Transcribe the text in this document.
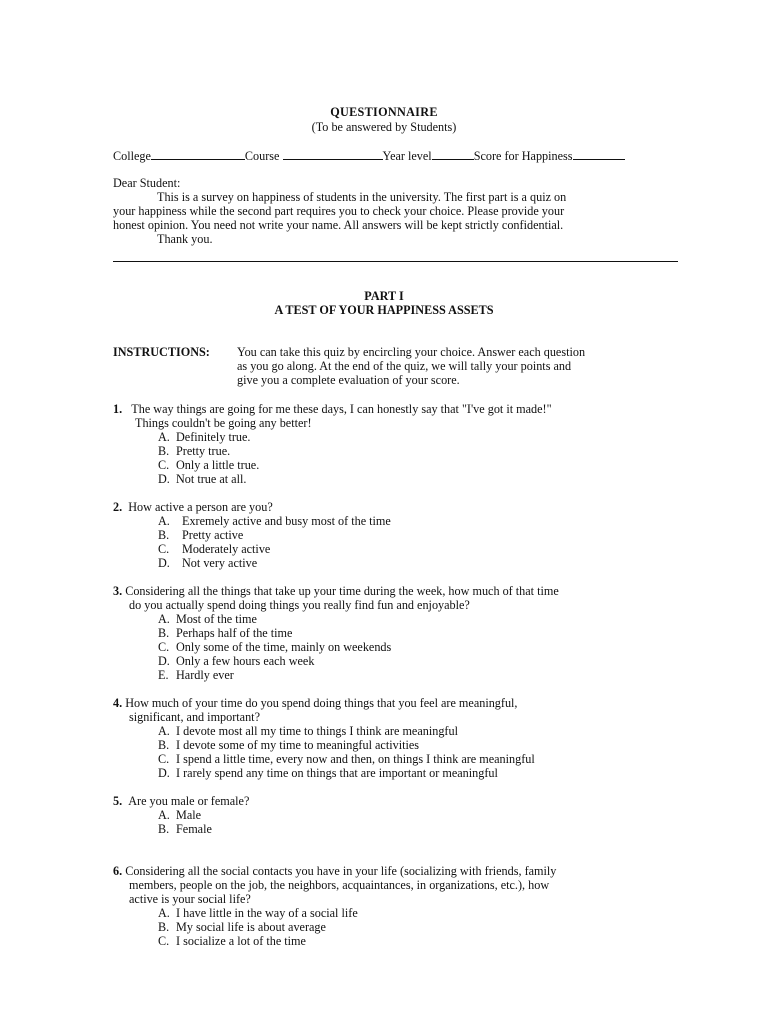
QUESTIONNAIRE
(To be answered by Students)
College	Course	Year level	Score for Happiness

Dear Student:

This is a survey on happiness of students in the university. The first part is a quiz on

your happiness while the second part requires you to check your choice. Please provide your

honest opinion. You need not write your name. All answers will be kept strictly confidential.

Thank you.

PART I
A TEST OF YOUR HAPPINESS ASSETS
INSTRUCTIONS: You can take this quiz by encircling your choice. Answer each question
as you go along. At the end of the quiz, we will tally your points and
give you a complete evaluation of your score.

1. The way things are going for me these days, I can honestly say that "I've got it made!"

Things couldn't be going any better!

A. Definitely true.
B. Pretty true.
C. Only a little true.
D. Not true at all.

2. How active a person are you?

A. Exremely active and busy most of the time
B. Pretty active
C. Moderately active
D. Not very active

3. Considering all the things that take up your time during the week, how much of that time

do you actually spend doing things you really find fun and enjoyable?

A. Most of the time
B. Perhaps half of the time
C. Only some of the time, mainly on weekends
D. Only a few hours each week
E. Hardly ever

4. How much of your time do you spend doing things that you feel are meaningful,

significant, and important?

A. I devote most all my time to things I think are meaningful
B. I devote some of my time to meaningful activities
C. I spend a little time, every now and then, on things I think are meaningful
D. I rarely spend any time on things that are important or meaningful

5. Are you male or female?

A. Male
B. Female

6. Considering all the social contacts you have in your life (socializing with friends, family

members, people on the job, the neighbors, acquaintances, in organizations, etc.), how

active is your social life?

A. I have little in the way of a social life
B. My social life is about average
C. I socialize a lot of the time
